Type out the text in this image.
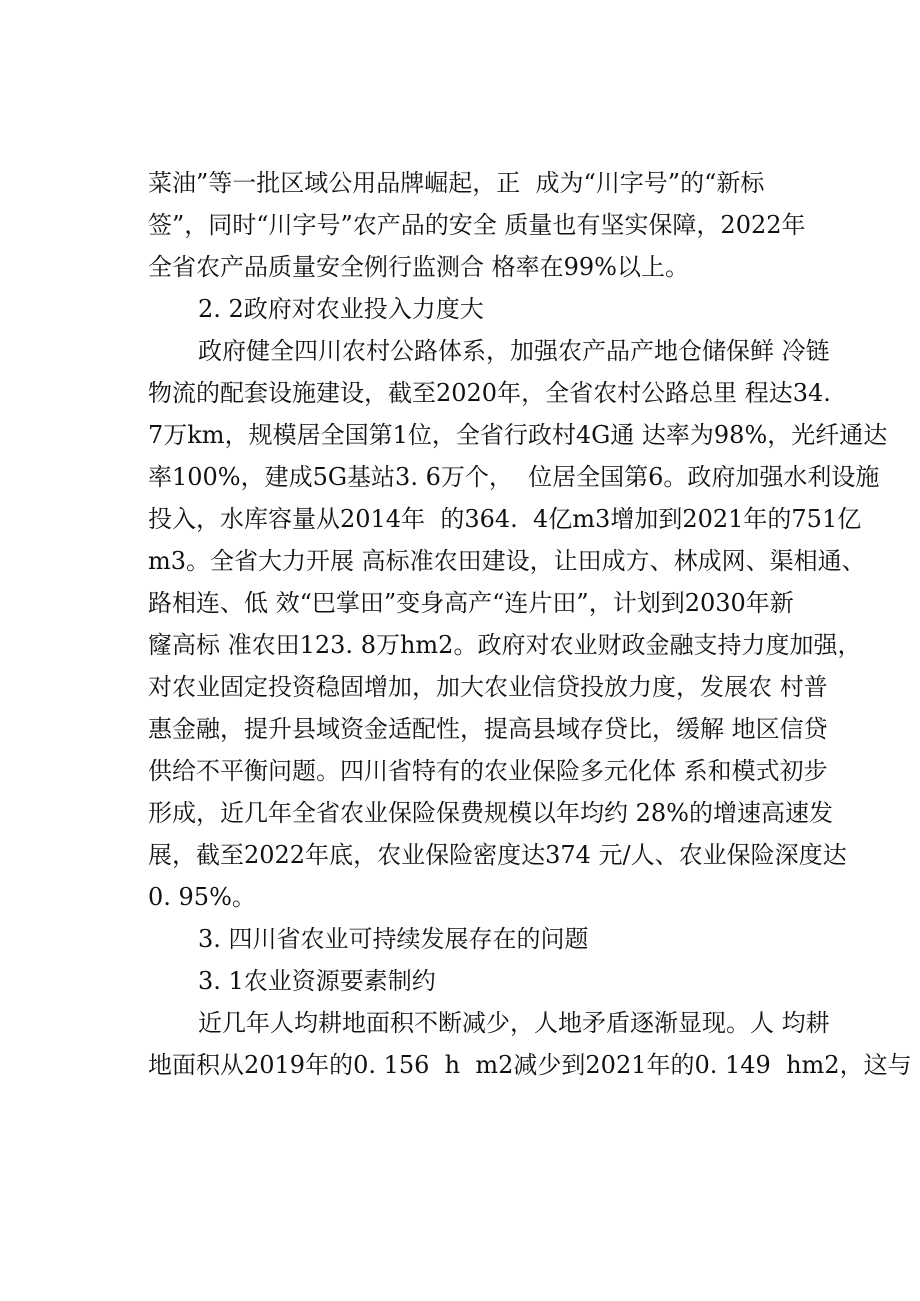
菜油”等一批区域公用品牌崛起，正  成为“川字号”的“新标
签”，同时“川字号”农产品的安全 质量也有坚实保障，2022年
全省农产品质量安全例行监测合 格率在99%以上。
2. 2政府对农业投入力度大
政府健全四川农村公路体系，加强农产品产地仓储保鲜 冷链
物流的配套设施建设，截至2020年，全省农村公路总里 程达34.
7万km，规模居全国第1位，全省行政村4G通 达率为98%，光纤通达
率100%，建成5G基站3. 6万个，  位居全国第6。政府加强水利设施
投入，水库容量从2014年  的364.  4亿m3增加到2021年的751亿
m3。全省大力开展 高标准农田建设，让田成方、林成网、渠相通、
路相连、低 效“巴掌田”变身高产“连片田”，计划到2030年新
窿高标 准农田123. 8万hm2。政府对农业财政金融支持力度加强，
对农业固定投资稳固增加，加大农业信贷投放力度，发展农 村普
惠金融，提升县域资金适配性，提高县域存贷比，缓解 地区信贷
供给不平衡问题。四川省特有的农业保险多元化体 系和模式初步
形成，近几年全省农业保险保费规模以年均约 28%的增速高速发
展，截至2022年底，农业保险密度达374 元/人、农业保险深度达
0. 95%。
3. 四川省农业可持续发展存在的问题
3. 1农业资源要素制约
近几年人均耕地面积不断减少，人地矛盾逐渐显现。人 均耕
地面积从2019年的0. 156  h  m2减少到2021年的0. 149  hm2，这与
